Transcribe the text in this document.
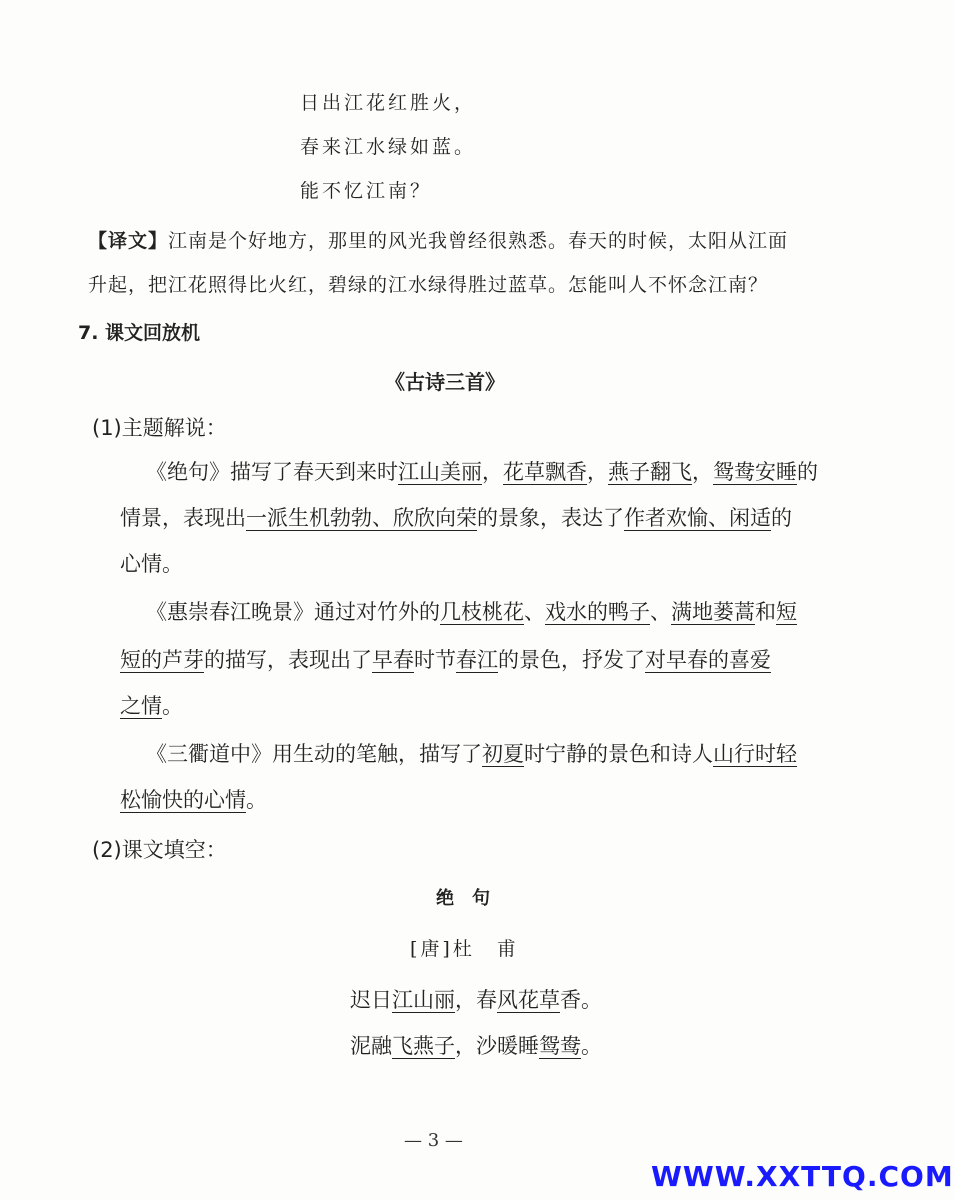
日出江花红胜火，
春来江水绿如蓝。
能不忆江南？
【译文】江南是个好地方，那里的风光我曾经很熟悉。春天的时候，太阳从江面
升起，把江花照得比火红，碧绿的江水绿得胜过蓝草。怎能叫人不怀念江南？
7. 课文回放机
《古诗三首》
(1)主题解说：
《绝句》描写了春天到来时江山美丽，花草飘香，燕子翻飞，鸳鸯安睡的
情景，表现出一派生机勃勃、欣欣向荣的景象，表达了作者欢愉、闲适的
心情。
《惠崇春江晚景》通过对竹外的几枝桃花、戏水的鸭子、满地蒌蒿和短
短的芦芽的描写，表现出了早春时节春江的景色，抒发了对早春的喜爱
之情。
《三衢道中》用生动的笔触，描写了初夏时宁静的景色和诗人山行时轻
松愉快的心情。
(2)课文填空：
绝　句
[唐]杜　甫
迟日江山丽，春风花草香。
泥融飞燕子，沙暖睡鸳鸯。
— 3 —
WWW.XXTTQ.COM
